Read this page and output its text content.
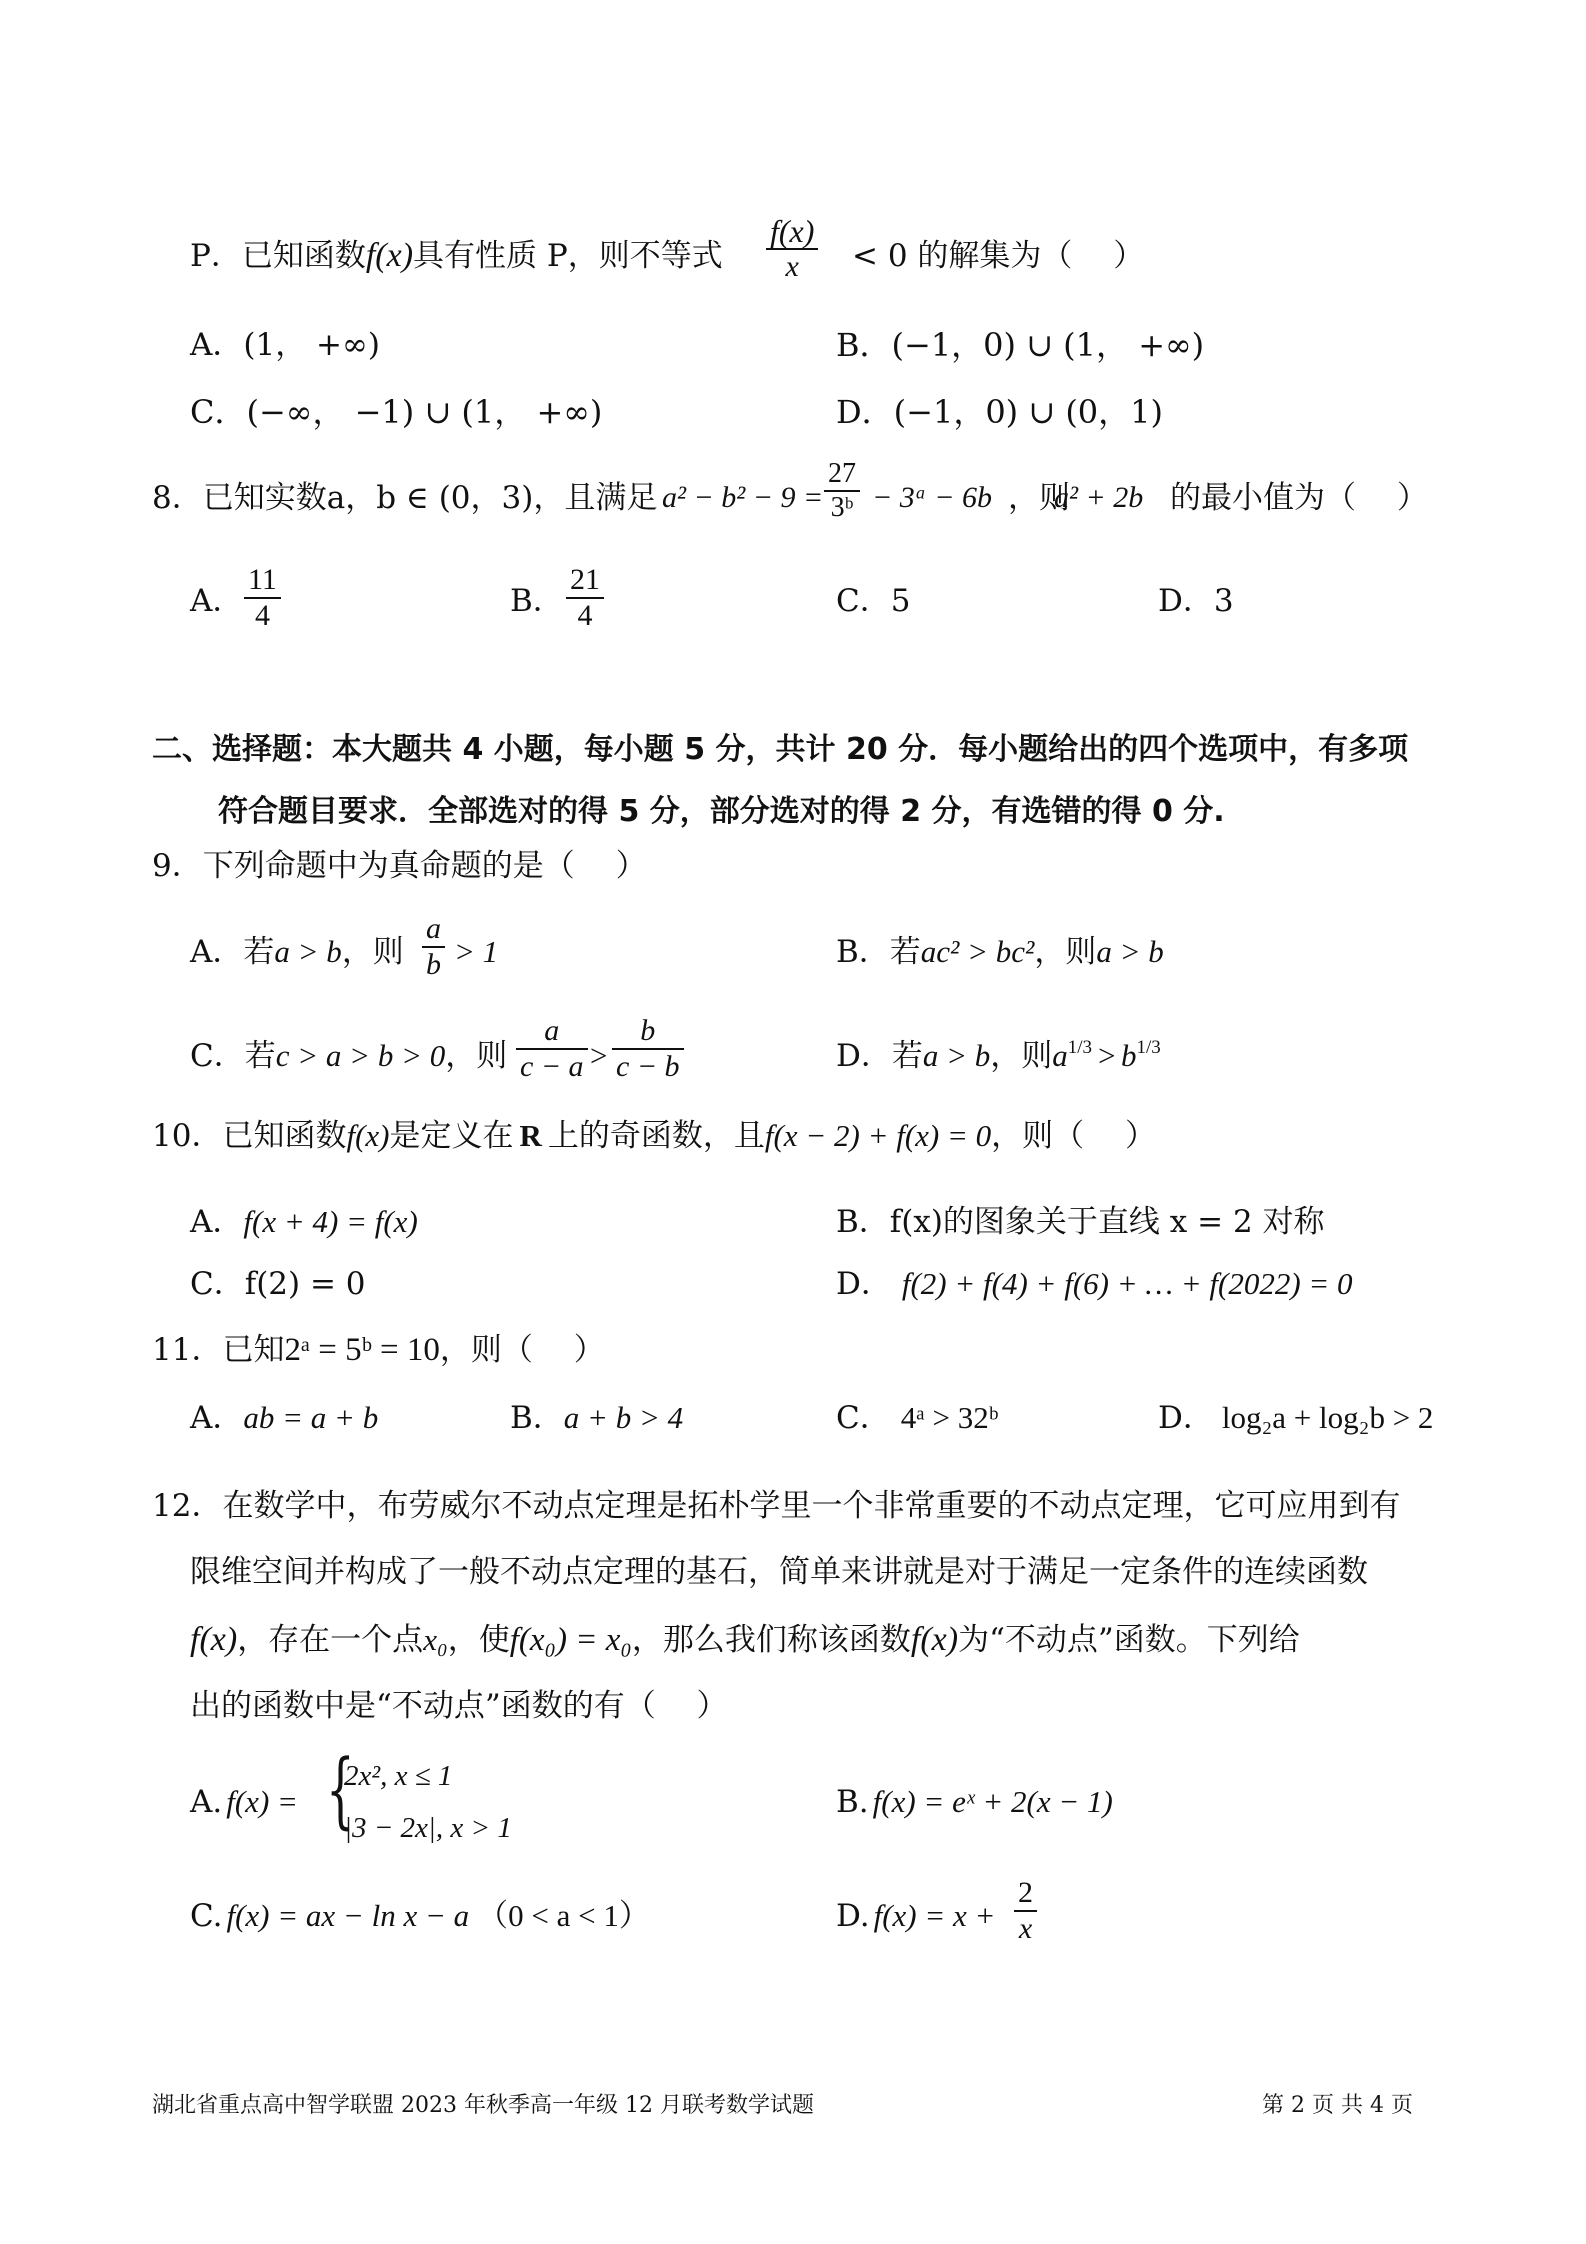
P．已知函数f(x)具有性质 P，则不等式 $\frac{f(x)}{x} < 0$ 的解集为（　 ）
A．(1， +∞)	B．(−1，0) ∪ (1， +∞)
C．(−∞， −1) ∪ (1， +∞)	D．(−1，0) ∪ (0，1)
8．已知实数a，b ∈ (0，3)，且满足 $a^2 - b^2 - 9 = \frac{27}{\text{3ᵇ}}$ − 3ᵃ − 6b ，则
a² + 2b 的最小值为（　 ）
A． $\frac{11}{4}$	B． $\frac{21}{4}$	C．5	D．3
二、选择题：本大题共 4 小题，每小题 5 分，共计 20 分．每小题给出的四个选项中，有多项
符合题目要求．全部选对的得 5 分，部分选对的得 2 分，有选错的得 0 分.
9．下列命题中为真命题的是（　 ）
A．若a > b，则 $\frac{a}{b} > 1$	B．若ac² > bc²，则a > b
C．若c > a > b > 0，则 $\frac{a}{c - a} > \frac{b}{c - b}$	D．若a > b，则$a^{1/3} > b^{1/3}$
10．已知函数f(x)是定义在 R 上的奇函数，且f(x − 2) + f(x) = 0，则（　 ）
A．f(x + 4) = f(x)	B．f(x)的图象关于直线 x = 2 对称
C．f(2) = 0	D． f(2) + f(4) + f(6) + … + f(2022) = 0
11．已知2ᵃ = 5ᵇ = 10，则（　 ）
A．ab = a + b	B．a + b > 4	C． 4ᵃ > 32ᵇ	D． log₂a + log₂b > 2
12．在数学中，布劳威尔不动点定理是拓朴学里一个非常重要的不动点定理，它可应用到有
限维空间并构成了一般不动点定理的基石，简单来讲就是对于满足一定条件的连续函数
f(x)，存在一个点x₀，使f(x₀) = x₀，那么我们称该函数f(x)为“不动点”函数。下列给
出的函数中是“不动点”函数的有（　 ）
A. f(x) = {
2x², x ≤ 1
|3 − 2x|, x > 1
B. f(x) = eˣ + 2(x − 1)
C. f(x) = ax − ln x − a （0 < a < 1）	D. $f(x) = x + \frac{2}{x}$
湖北省重点高中智学联盟 2023 年秋季高一年级 12 月联考数学试题	第 2 页 共 4 页
